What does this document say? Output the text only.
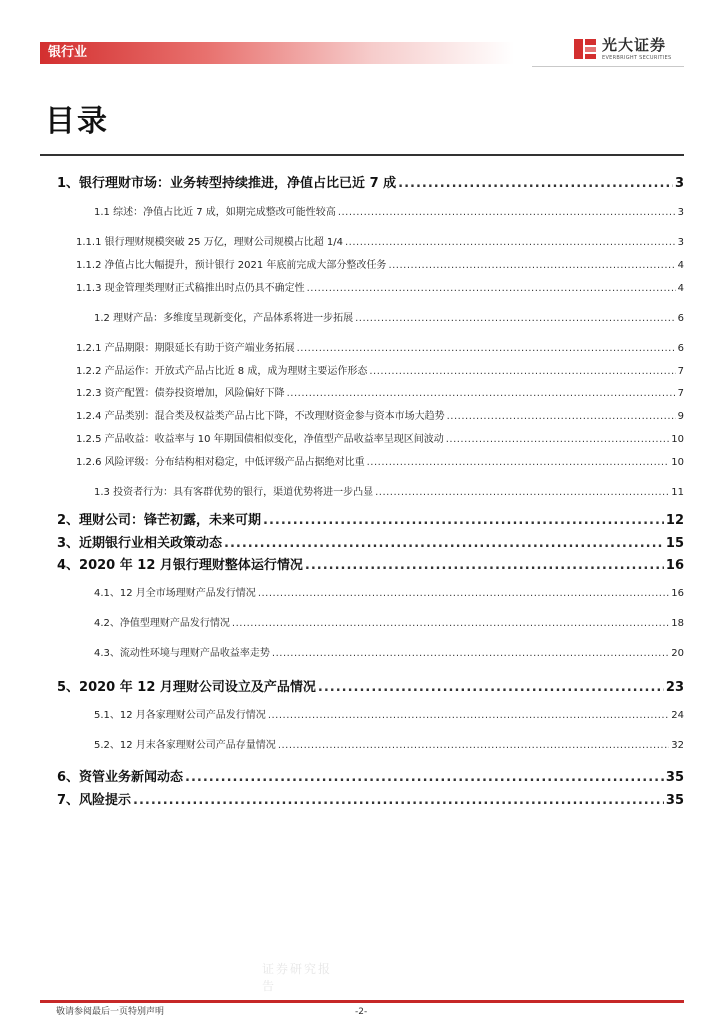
银行业	光大证券
EVERBRIGHT SECURITIES
目录
1、银行理财市场：业务转型持续推进，净值占比已近 7 成 .....	3
1.1 综述：净值占比近 7 成，如期完成整改可能性较高 .....	3
1.1.1 银行理财规模突破 25 万亿，理财公司规模占比超 1/4 .....	3
1.1.2 净值占比大幅提升，预计银行 2021 年底前完成大部分整改任务 .....	4
1.1.3 现金管理类理财正式稿推出时点仍具不确定性 .....	4
1.2 理财产品：多维度呈现新变化，产品体系将进一步拓展 .....	6
1.2.1 产品期限：期限延长有助于资产端业务拓展 .....	6
1.2.2 产品运作：开放式产品占比近 8 成，成为理财主要运作形态 .....	7
1.2.3 资产配置：债券投资增加，风险偏好下降 .....	7
1.2.4 产品类别：混合类及权益类产品占比下降，不改理财资金参与资本市场大趋势 .....	9
1.2.5 产品收益：收益率与 10 年期国债相似变化，净值型产品收益率呈现区间波动 .....	10
1.2.6 风险评级：分布结构相对稳定，中低评级产品占据绝对比重 .....	10
1.3 投资者行为：具有客群优势的银行，渠道优势将进一步凸显 .....	11
2、理财公司：锋芒初露，未来可期 .....	12
3、近期银行业相关政策动态 .....	15
4、2020 年 12 月银行理财整体运行情况 .....	16
4.1、12 月全市场理财产品发行情况 .....	16
4.2、净值型理财产品发行情况 .....	18
4.3、流动性环境与理财产品收益率走势 .....	20
5、2020 年 12 月理财公司设立及产品情况 .....	23
5.1、12 月各家理财公司产品发行情况 .....	24
5.2、12 月末各家理财公司产品存量情况 .....	32
6、资管业务新闻动态 .....	35
7、风险提示 .....	35
证券研究报告
敬请参阅最后一页特别声明	-2-
